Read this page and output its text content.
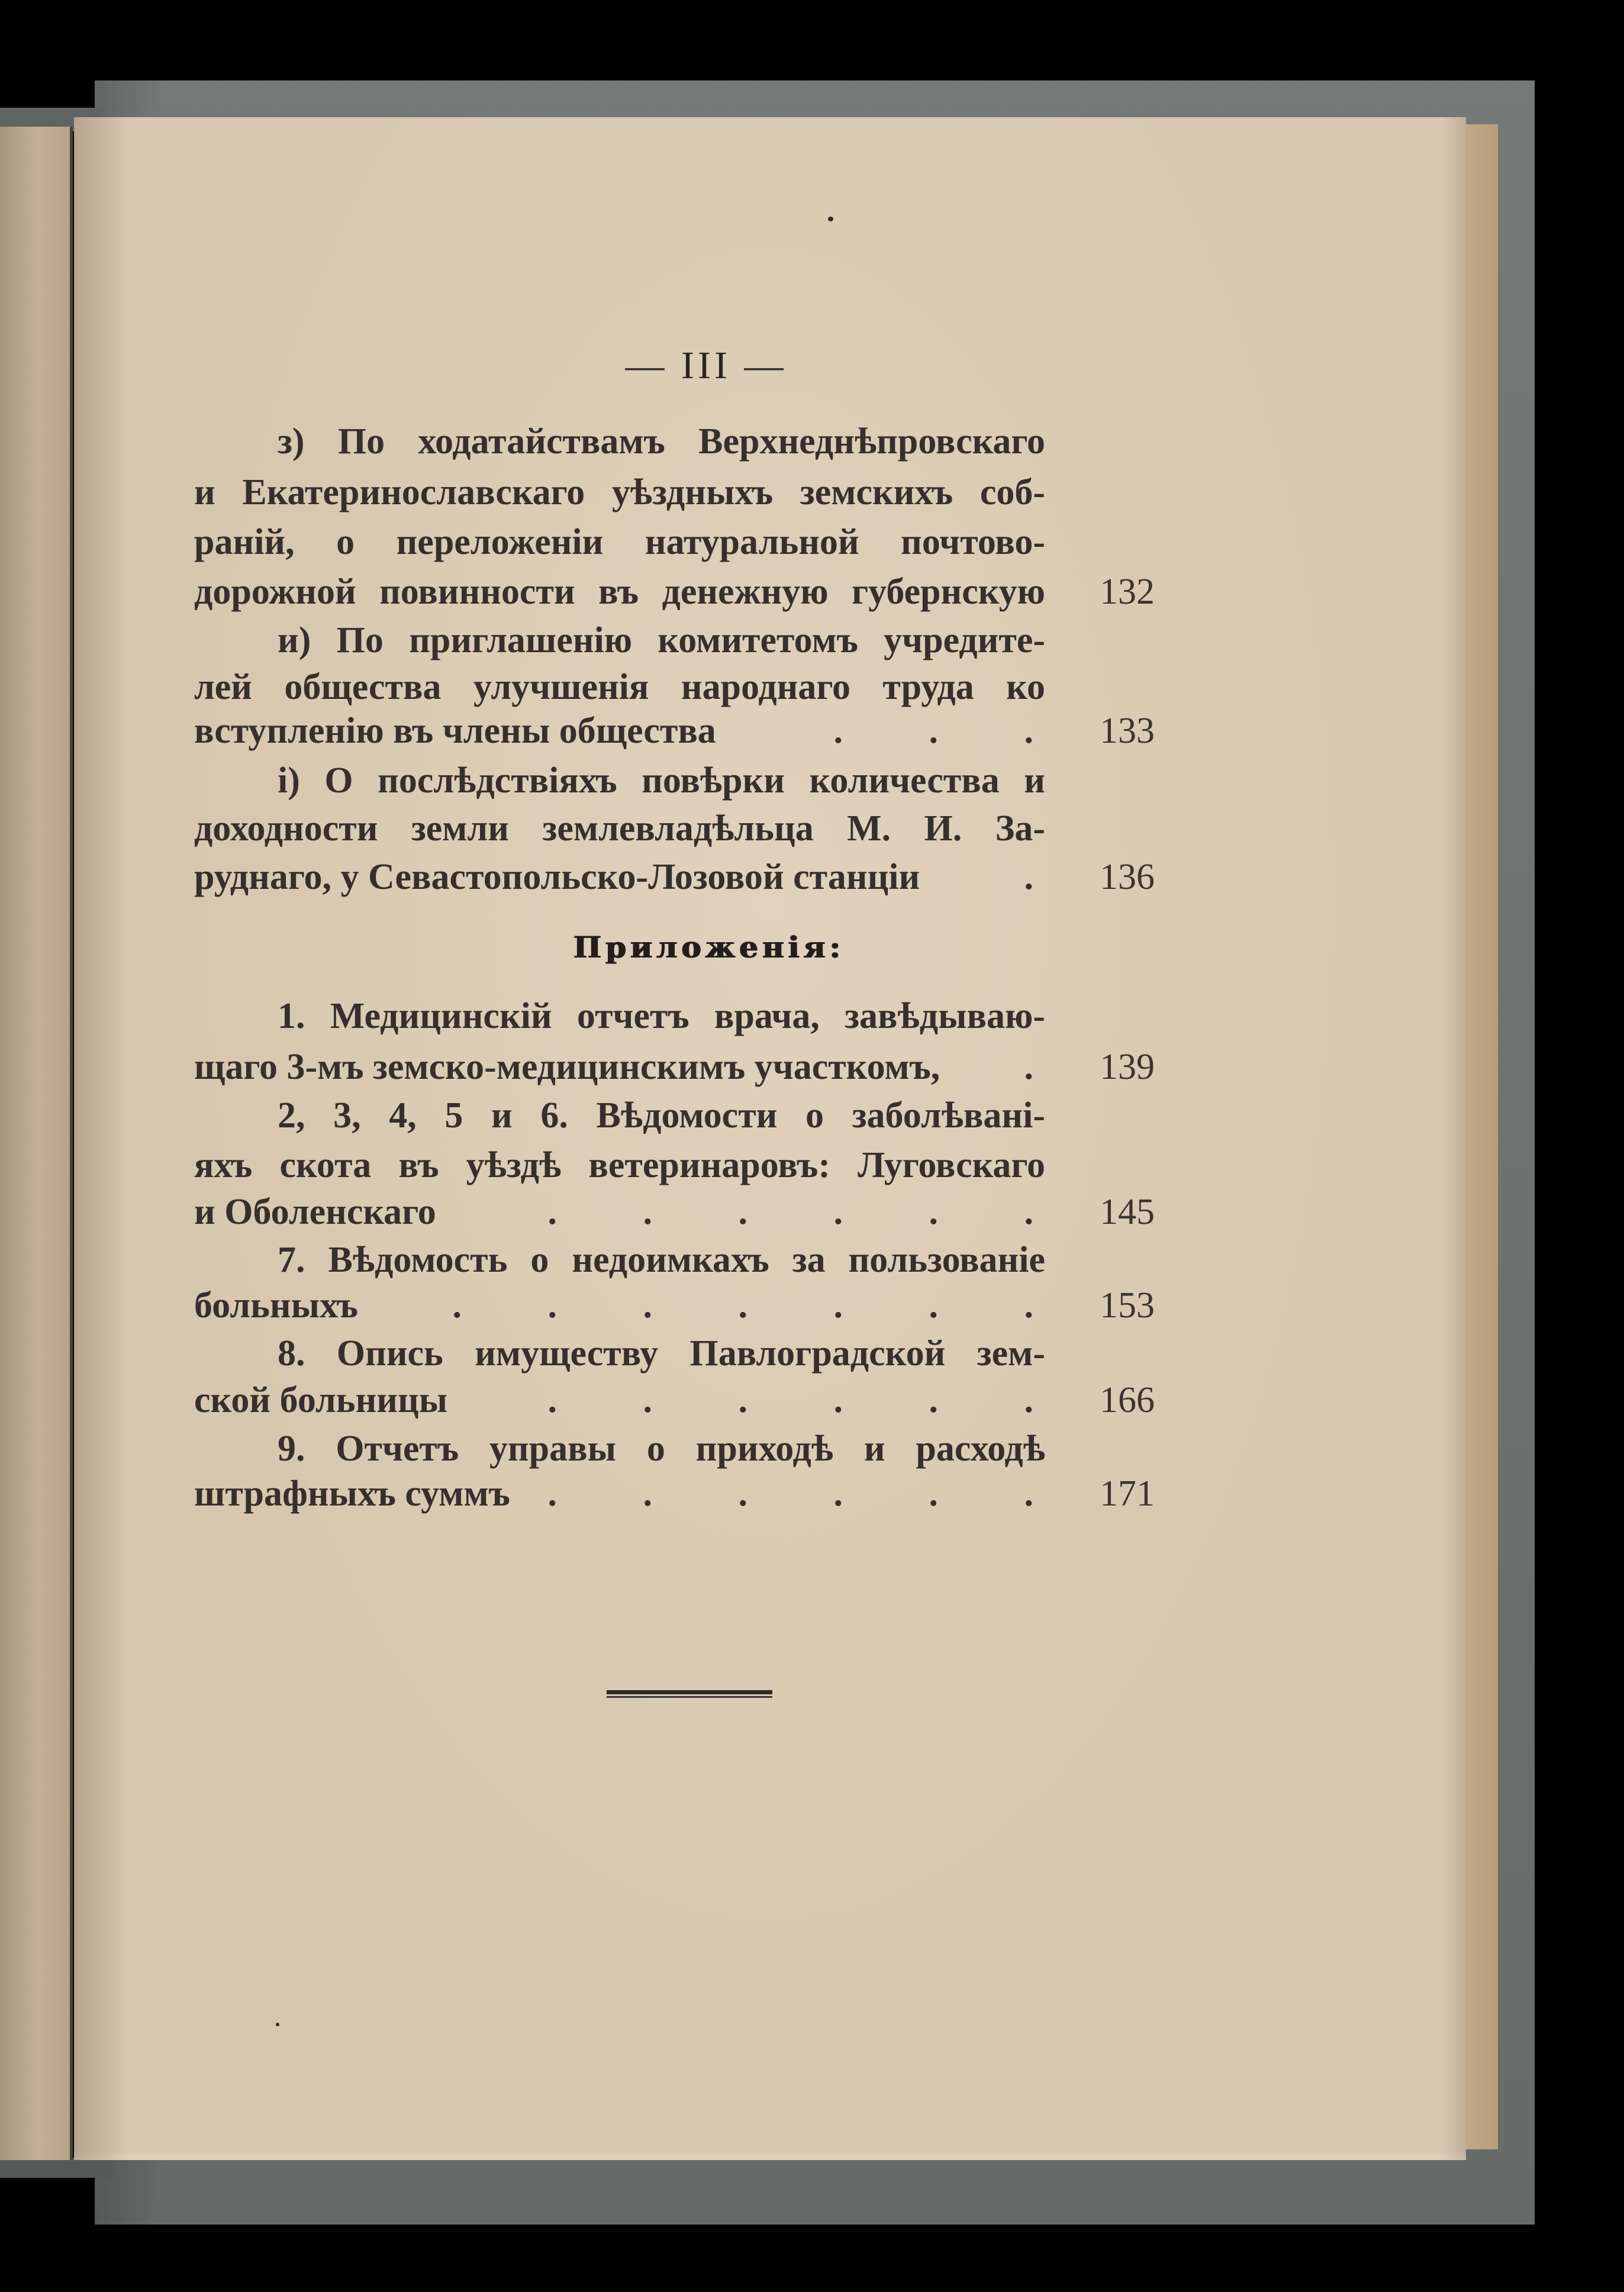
— III —
з) По ходатайствамъ Верхнеднѣпровскаго
и Екатеринославскаго уѣздныхъ земскихъ соб-
раній, о переложеніи натуральной почтово-
дорожной повинности въ денежную губернскую 132
и) По приглашенію комитетомъ учредите-
лей общества улучшенія народнаго труда ко
вступленію въ члены общества	. . .	133
і) О послѣдствіяхъ повѣрки количества и
доходности земли землевладѣльца М. И. За-
руднаго, у Севастопольско-Лозовой станціи	.	136
Приложенія:
1. Медицинскій отчетъ врача, завѣдываю-
щаго 3-мъ земско-медицинскимъ участкомъ,	.	139
2, 3, 4, 5 и 6. Вѣдомости о заболѣвані-
яхъ скота въ уѣздѣ ветеринаровъ: Луговскаго
и Оболенскаго	. . . . . .	145
7. Вѣдомость о недоимкахъ за пользованіе
больныхъ	. . . . . . .	153
8. Опись имуществу Павлоградской зем-
ской больницы	. . . . . .	166
9. Отчетъ управы о приходѣ и расходѣ
штрафныхъ суммъ	. . . . . .	171
